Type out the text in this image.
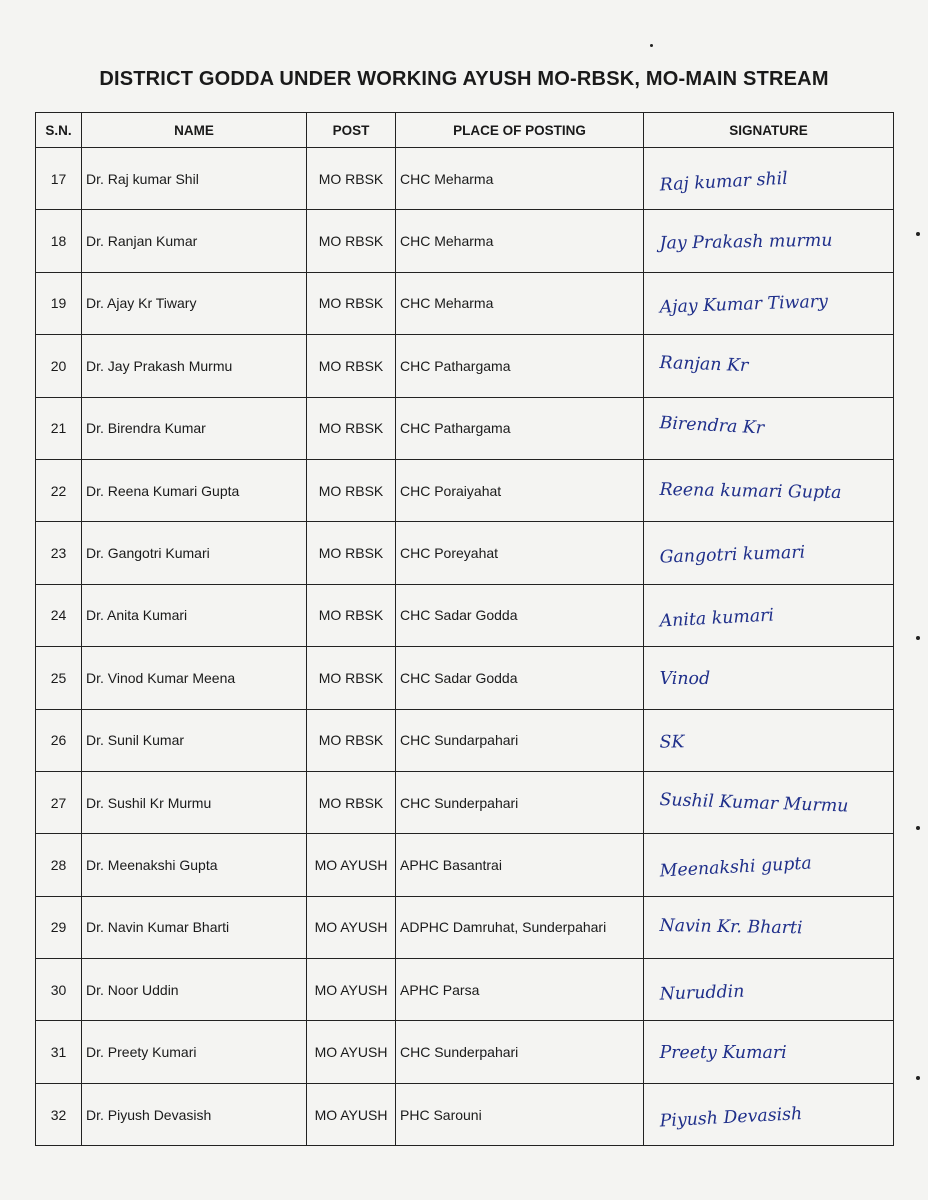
DISTRICT GODDA UNDER WORKING AYUSH MO-RBSK, MO-MAIN STREAM
S.N.	NAME	POST	PLACE OF POSTING	SIGNATURE
17	Dr. Raj kumar Shil	MO RBSK	CHC Meharma	Raj kumar shil

18	Dr. Ranjan Kumar	MO RBSK	CHC Meharma	Jay Prakash murmu

19	Dr. Ajay Kr Tiwary	MO RBSK	CHC Meharma	Ajay Kumar Tiwary

20	Dr. Jay Prakash Murmu	MO RBSK	CHC Pathargama	Ranjan Kr

21	Dr. Birendra Kumar	MO RBSK	CHC Pathargama	Birendra Kr

22	Dr. Reena Kumari Gupta	MO RBSK	CHC Poraiyahat	Reena kumari Gupta

23	Dr. Gangotri Kumari	MO RBSK	CHC Poreyahat	Gangotri kumari

24	Dr. Anita Kumari	MO RBSK	CHC Sadar Godda	Anita kumari

25	Dr. Vinod Kumar Meena	MO RBSK	CHC Sadar Godda	Vinod

26	Dr. Sunil Kumar	MO RBSK	CHC Sundarpahari	SK

27	Dr. Sushil Kr Murmu	MO RBSK	CHC Sunderpahari	Sushil Kumar Murmu

28	Dr. Meenakshi Gupta	MO AYUSH	APHC Basantrai	Meenakshi gupta

29	Dr. Navin Kumar Bharti	MO AYUSH	ADPHC Damruhat, Sunderpahari	Navin Kr. Bharti

30	Dr. Noor Uddin	MO AYUSH	APHC Parsa	Nuruddin

31	Dr. Preety Kumari	MO AYUSH	CHC Sunderpahari	Preety Kumari

32	Dr. Piyush Devasish	MO AYUSH	PHC Sarouni	Piyush Devasish
